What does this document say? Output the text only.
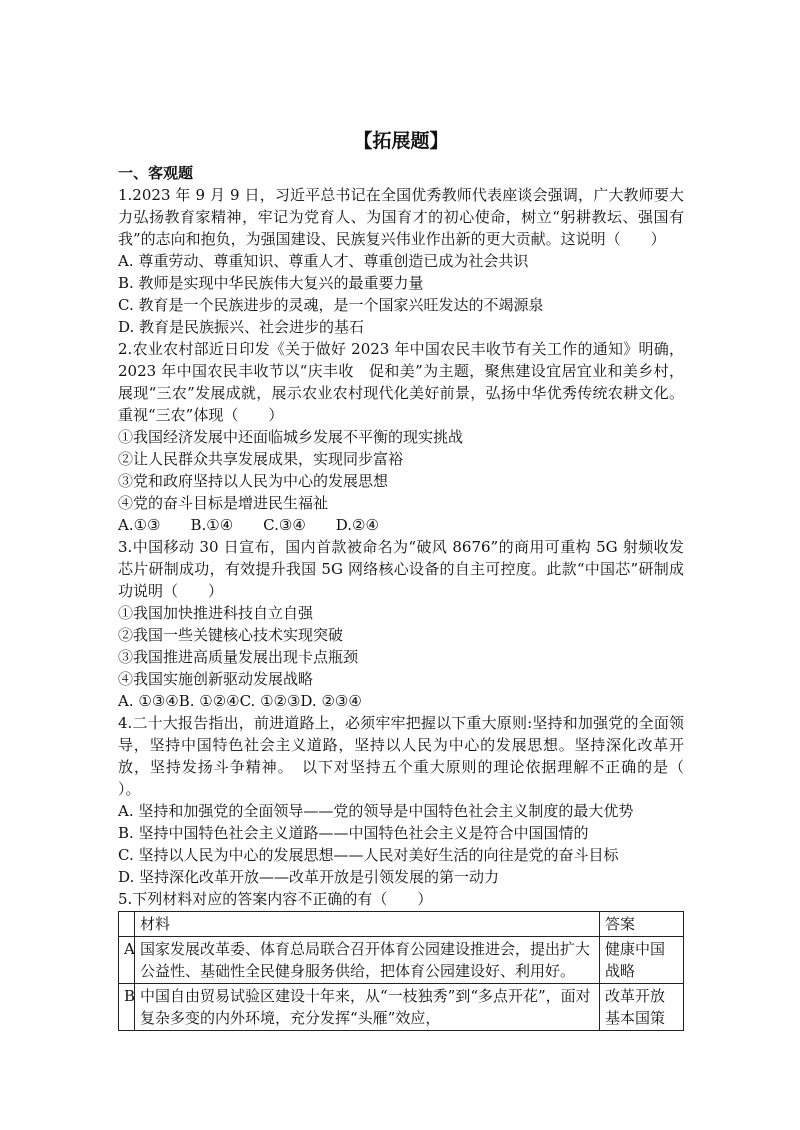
【拓展题】
一、客观题

1.2023 年 9 月 9 日，习近平总书记在全国优秀教师代表座谈会强调，广大教师要大力弘扬教育家精神，牢记为党育人、为国育才的初心使命，树立“躬耕教坛、强国有我”的志向和抱负，为强国建设、民族复兴伟业作出新的更大贡献。这说明（　　）

A. 尊重劳动、尊重知识、尊重人才、尊重创造已成为社会共识

B. 教师是实现中华民族伟大复兴的最重要力量

C. 教育是一个民族进步的灵魂，是一个国家兴旺发达的不竭源泉

D. 教育是民族振兴、社会进步的基石

2.农业农村部近日印发《关于做好 2023 年中国农民丰收节有关工作的通知》明确，2023 年中国农民丰收节以“庆丰收　促和美”为主题，聚焦建设宜居宜业和美乡村，展现“三农”发展成就，展示农业农村现代化美好前景，弘扬中华优秀传统农耕文化。重视“三农”体现（　　）

①我国经济发展中还面临城乡发展不平衡的现实挑战

②让人民群众共享发展成果，实现同步富裕

③党和政府坚持以人民为中心的发展思想

④党的奋斗目标是增进民生福祉

A.①③　　B.①④　　C.③④　　D.②④

3.中国移动 30 日宣布，国内首款被命名为“破风 8676”的商用可重构 5G 射频收发芯片研制成功，有效提升我国 5G 网络核心设备的自主可控度。此款“中国芯”研制成功说明（　　）

①我国加快推进科技自立自强

②我国一些关键核心技术实现突破

③我国推进高质量发展出现卡点瓶颈

④我国实施创新驱动发展战略

A. ①③④B. ①②④C. ①②③D. ②③④

4.二十大报告指出，前进道路上，必须牢牢把握以下重大原则:坚持和加强党的全面领导，坚持中国特色社会主义道路，坚持以人民为中心的发展思想。坚持深化改革开放，坚持发扬斗争精神。　以下对坚持五个重大原则的理论依据理解不正确的是（　　）。

A. 坚持和加强党的全面领导——党的领导是中国特色社会主义制度的最大优势

B. 坚持中国特色社会主义道路——中国特色社会主义是符合中国国情的

C. 坚持以人民为中心的发展思想——人民对美好生活的向往是党的奋斗目标

D. 坚持深化改革开放——改革开放是引领发展的第一动力

5.下列材料对应的答案内容不正确的有（　　）

	材料	答案
A	国家发展改革委、体育总局联合召开体育公园建设推进会，提出扩大公益性、基础性全民健身服务供给，把体育公园建设好、利用好。	健康中国战略
B	中国自由贸易试验区建设十年来，从“一枝独秀”到“多点开花”，面对复杂多变的内外环境，充分发挥“头雁”效应，	改革开放基本国策
